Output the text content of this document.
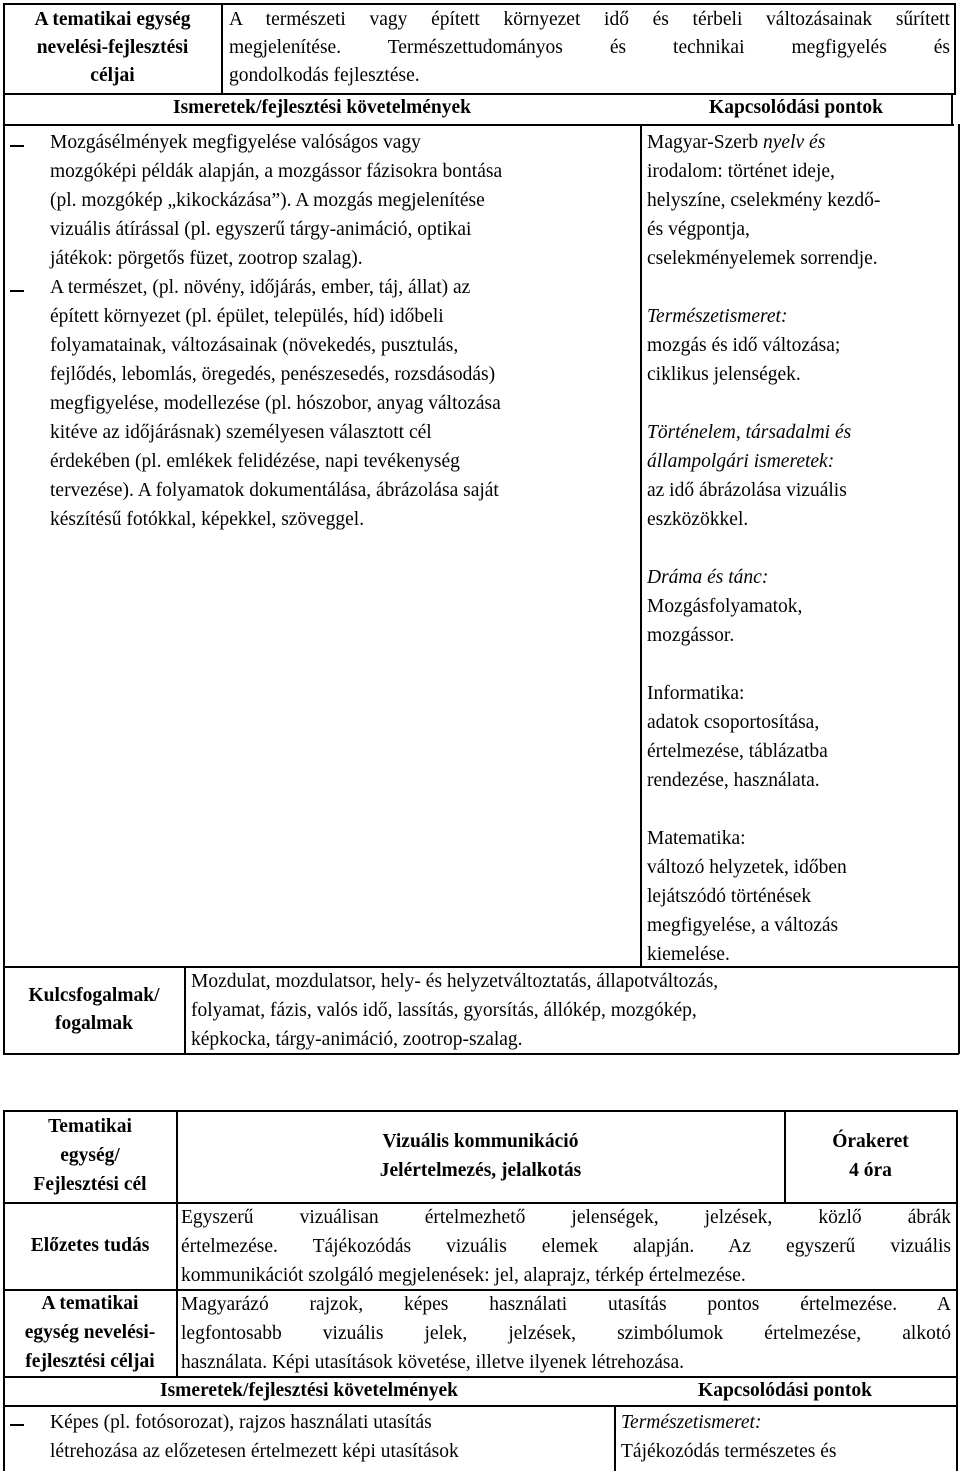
A tematikai egység
nevelési-fejlesztési
céljai
A természeti vagy épített környezet idő és térbeli változásainak sűrített
megjelenítése. Természettudományos és technikai megfigyelés és
gondolkodás fejlesztése.
Ismeretek/fejlesztési követelmények	Kapcsolódási pontok
Mozgásélmények megfigyelése valóságos vagy
mozgóképi példák alapján, a mozgássor fázisokra bontása
(pl. mozgókép „kikockázása”). A mozgás megjelenítése
vizuális átírással (pl. egyszerű tárgy-animáció, optikai
játékok: pörgetős füzet, zootrop szalag).
A természet, (pl. növény, időjárás, ember, táj, állat) az
épített környezet (pl. épület, település, híd) időbeli
folyamatainak, változásainak (növekedés, pusztulás,
fejlődés, lebomlás, öregedés, penészesedés, rozsdásodás)
megfigyelése, modellezése (pl. hószobor, anyag változása
kitéve az időjárásnak) személyesen választott cél
érdekében (pl. emlékek felidézése, napi tevékenység
tervezése). A folyamatok dokumentálása, ábrázolása saját
készítésű fotókkal, képekkel, szöveggel.
Magyar-Szerb nyelv és
irodalom: történet ideje,
helyszíne, cselekmény kezdő-
és végpontja,
cselekményelemek sorrendje.
Természetismeret:
mozgás és idő változása;
ciklikus jelenségek.
Történelem, társadalmi és
állampolgári ismeretek:
az idő ábrázolása vizuális
eszközökkel.
Dráma és tánc:
Mozgásfolyamatok,
mozgássor.
Informatika:
adatok csoportosítása,
értelmezése, táblázatba
rendezése, használata.
Matematika:
változó helyzetek, időben
lejátszódó történések
megfigyelése, a változás
kiemelése.
Kulcsfogalmak/
fogalmak
Mozdulat, mozdulatsor, hely- és helyzetváltoztatás, állapotváltozás,
folyamat, fázis, valós idő, lassítás, gyorsítás, állókép, mozgókép,
képkocka, tárgy-animáció, zootrop-szalag.
Tematikai
egység/
Fejlesztési cél
Vizuális kommunikáció
Jelértelmezés, jelalkotás
Órakeret
4 óra
Előzetes tudás
Egyszerű vizuálisan értelmezhető jelenségek, jelzések, közlő ábrák
értelmezése. Tájékozódás vizuális elemek alapján. Az egyszerű vizuális
kommunikációt szolgáló megjelenések: jel, alaprajz, térkép értelmezése.
A tematikai
egység nevelési-
fejlesztési céljai
Magyarázó rajzok, képes használati utasítás pontos értelmezése. A
legfontosabb vizuális jelek, jelzések, szimbólumok értelmezése, alkotó
használata. Képi utasítások követése, illetve ilyenek létrehozása.
Ismeretek/fejlesztési követelmények	Kapcsolódási pontok
Képes (pl. fotósorozat), rajzos használati utasítás
létrehozása az előzetesen értelmezett képi utasítások
Természetismeret:
Tájékozódás természetes és
